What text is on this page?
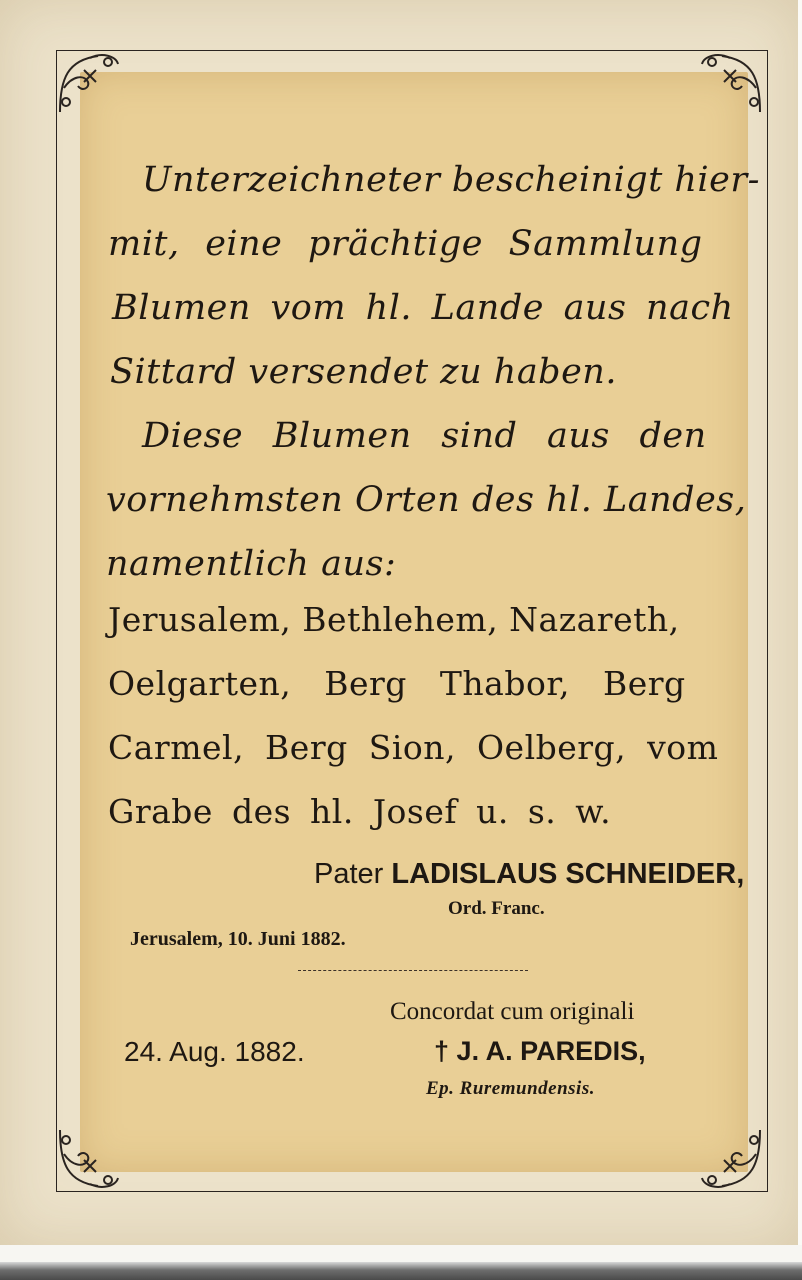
Unterzeichneter bescheinigt hier-

mit, eine prächtige Sammlung

Blumen vom hl. Lande aus nach

Sittard versendet zu haben.

Diese Blumen sind aus den

vornehmsten Orten des hl. Landes,

namentlich aus:

Jerusalem, Bethlehem, Nazareth,

Oelgarten, Berg Thabor, Berg

Carmel, Berg Sion, Oelberg, vom

Grabe des hl. Josef u. s. w.

Pater LADISLAUS SCHNEIDER,

Ord. Franc.

Jerusalem, 10. Juni 1882.

Concordat cum originali

24. Aug. 1882.	† J. A. PAREDIS,

Ep. Ruremundensis.
